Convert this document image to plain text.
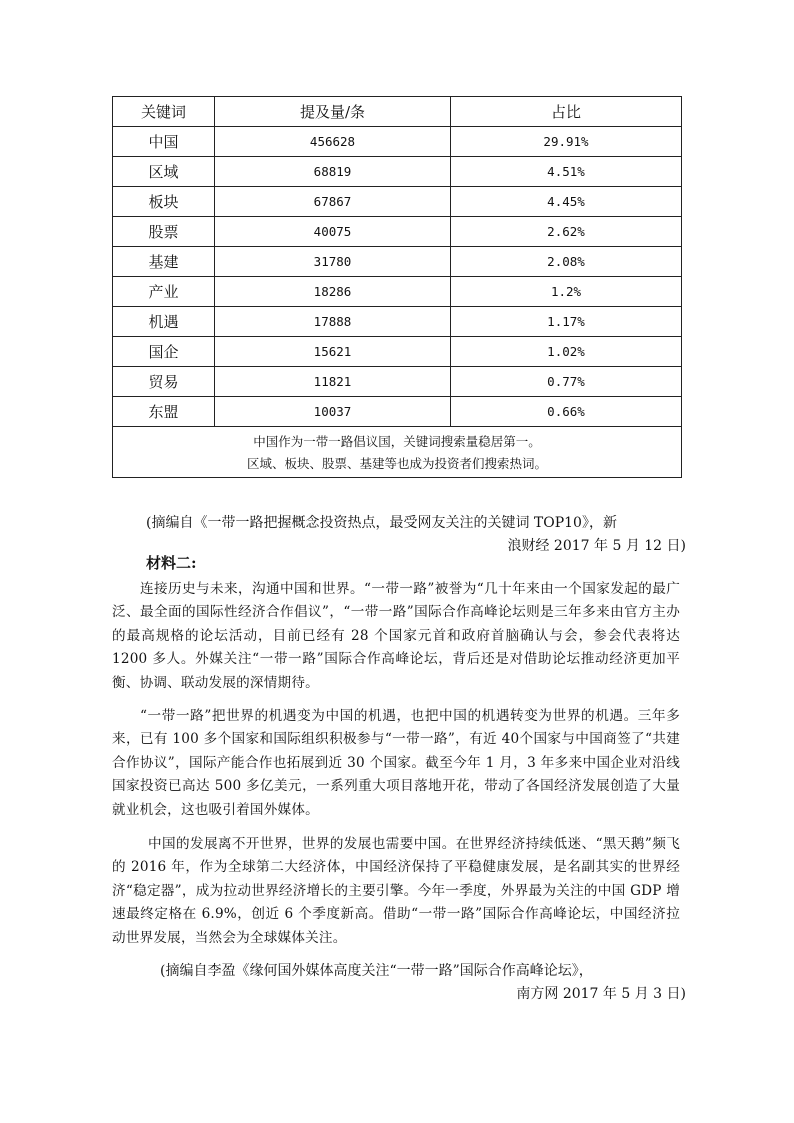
关键词	提及量/条	占比
中国	456628	29.91%
区域	68819	4.51%
板块	67867	4.45%
股票	40075	2.62%
基建	31780	2.08%
产业	18286	1.2%
机遇	17888	1.17%
国企	15621	1.02%
贸易	11821	0.77%
东盟	10037	0.66%

中国作为一带一路倡议国，关键词搜索量稳居第一。
区域、板块、股票、基建等也成为投资者们搜索热词。		
(摘编自《一带一路把握概念投资热点，最受网友关注的关键词 TOP10》，新
浪财经 2017 年 5 月 12 日)
材料二:
连接历史与未来，沟通中国和世界。“一带一路”被誉为“几十年来由一个国家发起的最广泛、最全面的国际性经济合作倡议”，“一带一路”国际合作高峰论坛则是三年多来由官方主办的最高规格的论坛活动，目前已经有 28 个国家元首和政府首脑确认与会，参会代表将达 1200 多人。外媒关注“一带一路”国际合作高峰论坛，背后还是对借助论坛推动经济更加平衡、协调、联动发展的深情期待。
“一带一路”把世界的机遇变为中国的机遇，也把中国的机遇转变为世界的机遇。三年多来，已有 100 多个国家和国际组织积极参与“一带一路”，有近 40个国家与中国商签了“共建合作协议”，国际产能合作也拓展到近 30 个国家。截至今年 1 月，3 年多来中国企业对沿线国家投资已高达 500 多亿美元，一系列重大项目落地开花，带动了各国经济发展创造了大量就业机会，这也吸引着国外媒体。
中国的发展离不开世界，世界的发展也需要中国。在世界经济持续低迷、“黑天鹅”频飞的 2016 年，作为全球第二大经济体，中国经济保持了平稳健康发展，是名副其实的世界经济“稳定器”，成为拉动世界经济增长的主要引擎。今年一季度，外界最为关注的中国 GDP 增速最终定格在 6.9%，创近 6 个季度新高。借助“一带一路”国际合作高峰论坛，中国经济拉动世界发展，当然会为全球媒体关注。
(摘编自李盈《缘何国外媒体高度关注“一带一路”国际合作高峰论坛》，
南方网 2017 年 5 月 3 日)
